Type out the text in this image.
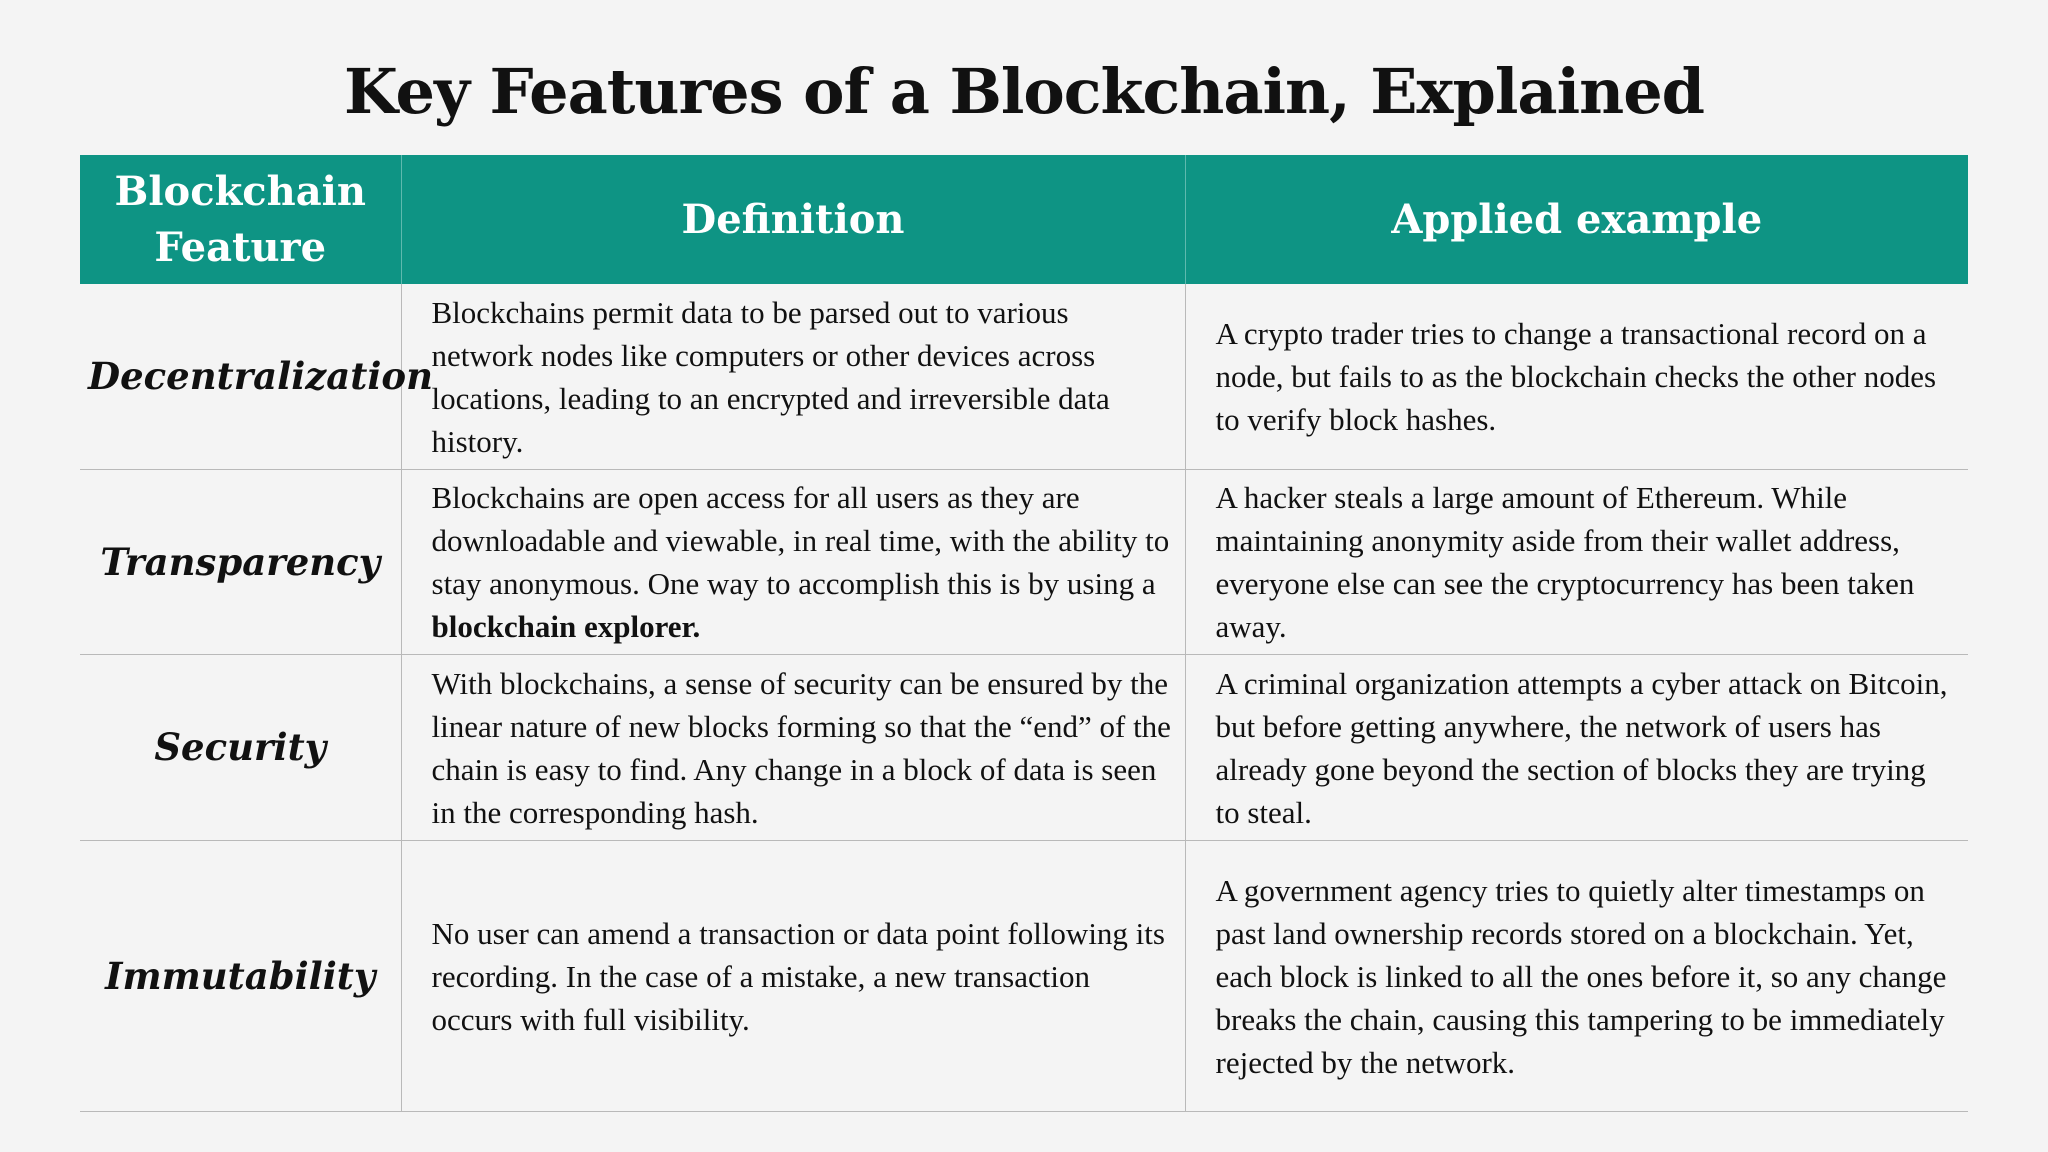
Key Features of a Blockchain, Explained
Blockchain Feature	Definition	Applied example
Decentralization	Blockchains permit data to be parsed out to various network nodes like computers or other devices across locations, leading to an encrypted and irreversible data history.	A crypto trader tries to change a transactional record on a node, but fails to as the blockchain checks the other nodes to verify block hashes.
Transparency	Blockchains are open access for all users as they are downloadable and viewable, in real time, with the ability to stay anonymous. One way to accomplish this is by using a blockchain explorer.	A hacker steals a large amount of Ethereum. While maintaining anonymity aside from their wallet address, everyone else can see the cryptocurrency has been taken away.
Security	With blockchains, a sense of security can be ensured by the linear nature of new blocks forming so that the “end” of the chain is easy to find. Any change in a block of data is seen in the corresponding hash.	A criminal organization attempts a cyber attack on Bitcoin, but before getting anywhere, the network of users has already gone beyond the section of blocks they are trying to steal.
Immutability	No user can amend a transaction or data point following its recording. In the case of a mistake, a new transaction occurs with full visibility.	A government agency tries to quietly alter timestamps on past land ownership records stored on a blockchain. Yet, each block is linked to all the ones before it, so any change breaks the chain, causing this tampering to be immediately rejected by the network.
